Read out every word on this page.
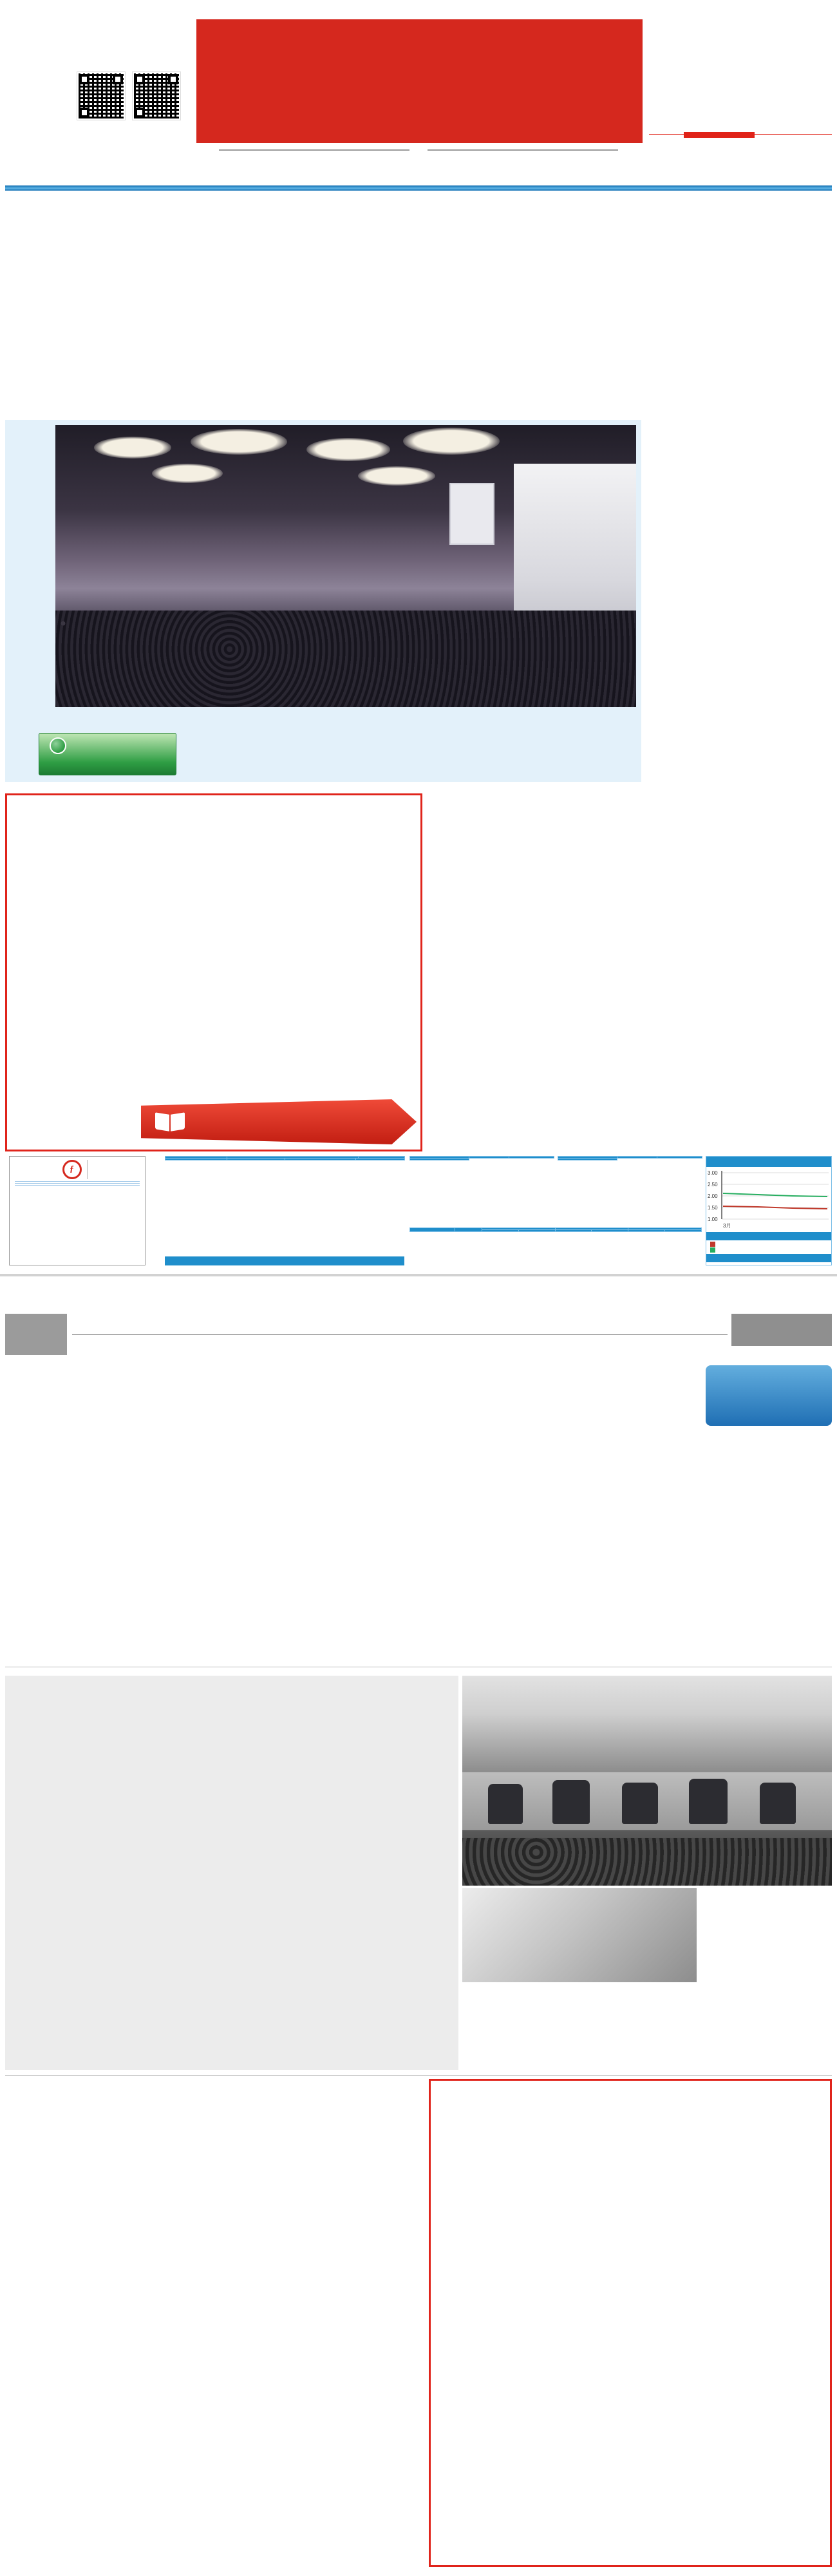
ƒ

						3.00
2.50
2.00
1.50
1.00
3月
